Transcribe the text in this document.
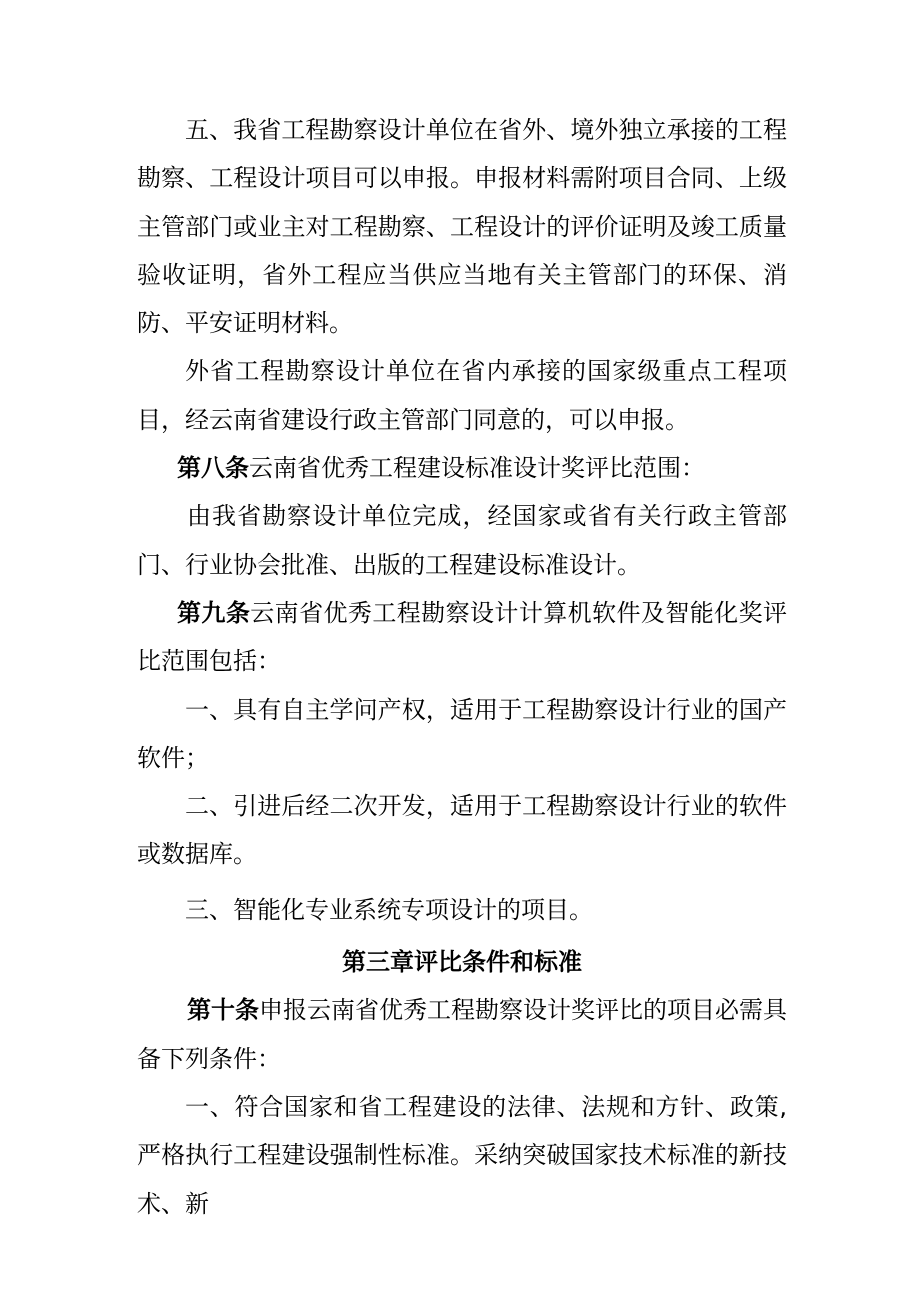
五、我省工程勘察设计单位在省外、境外独立承接的工程勘察、工程设计项目可以申报。申报材料需附项目合同、上级主管部门或业主对工程勘察、工程设计的评价证明及竣工质量验收证明，省外工程应当供应当地有关主管部门的环保、消防、平安证明材料。

外省工程勘察设计单位在省内承接的国家级重点工程项目，经云南省建设行政主管部门同意的，可以申报。

第八条云南省优秀工程建设标准设计奖评比范围：

由我省勘察设计单位完成，经国家或省有关行政主管部门、行业协会批准、出版的工程建设标准设计。

第九条云南省优秀工程勘察设计计算机软件及智能化奖评比范围包括：

一、具有自主学问产权，适用于工程勘察设计行业的国产软件；

二、引进后经二次开发，适用于工程勘察设计行业的软件或数据库。

三、智能化专业系统专项设计的项目。

第三章评比条件和标准

第十条申报云南省优秀工程勘察设计奖评比的项目必需具备下列条件：

一、符合国家和省工程建设的法律、法规和方针、政策,严格执行工程建设强制性标准。采纳突破国家技术标准的新技术、新
